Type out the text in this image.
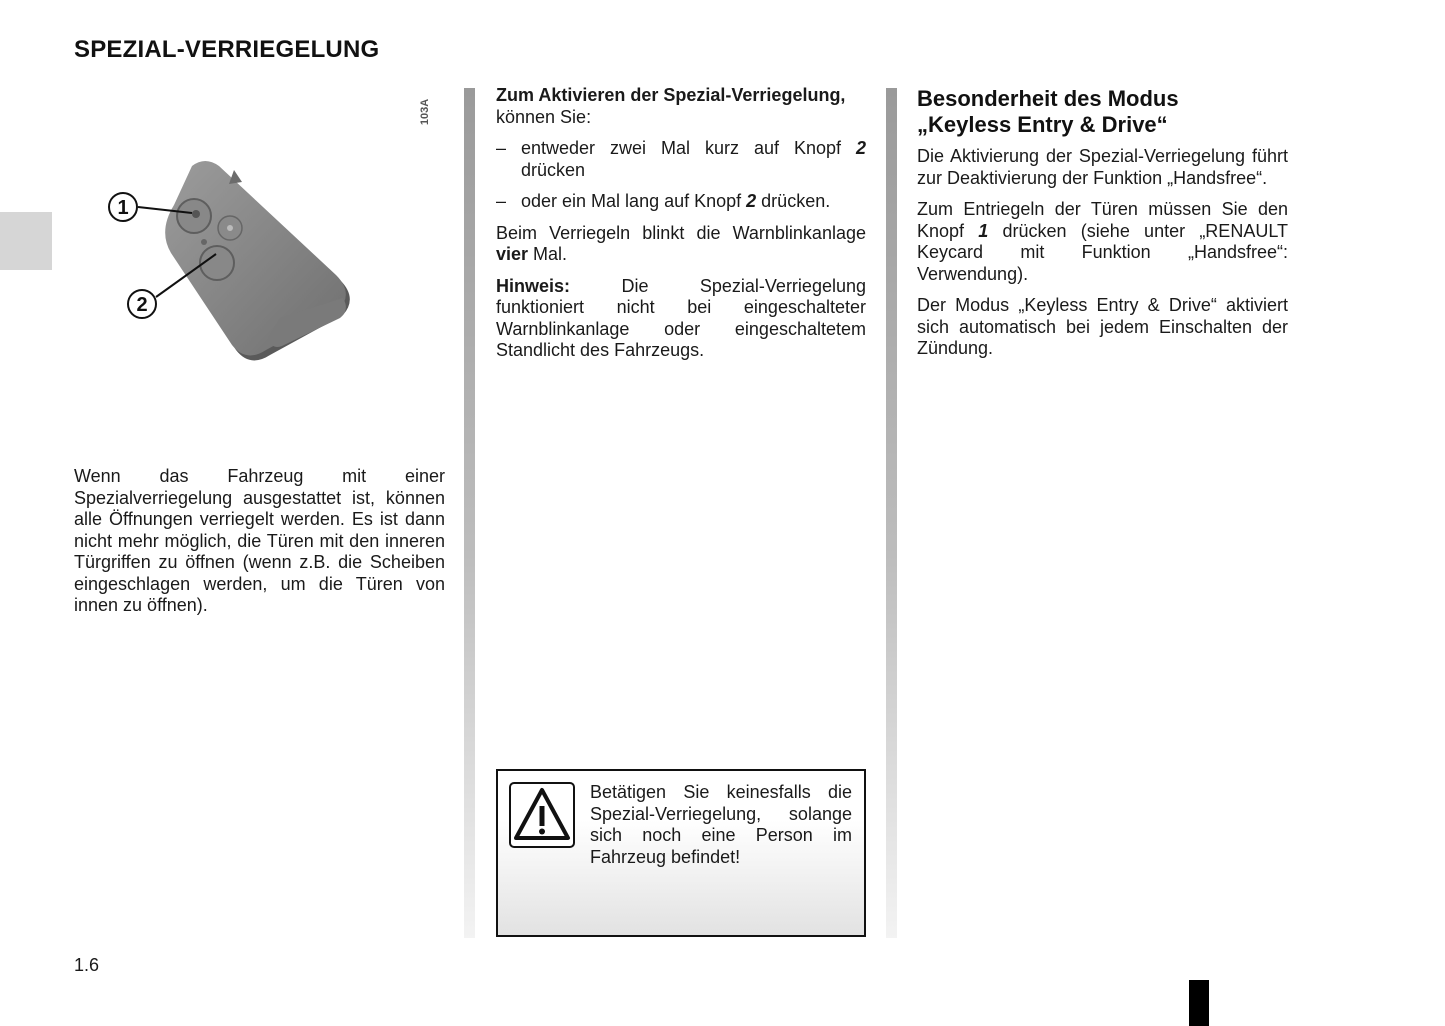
SPEZIAL-VERRIEGELUNG
103A
1
2

Wenn das Fahrzeug mit einer Spezialverriegelung ausgestattet ist, können alle Öffnungen verriegelt werden. Es ist dann nicht mehr möglich, die Türen mit den inneren Türgriffen zu öffnen (wenn z.B. die Scheiben eingeschlagen werden, um die Türen von innen zu öffnen).

Zum Aktivieren der Spezial-Verriegelung,
können Sie:

– entweder zwei Mal kurz auf Knopf 2 drücken

– oder ein Mal lang auf Knopf 2 drücken.

Beim Verriegeln blinkt die Warnblinkanlage vier Mal.

Hinweis: Die Spezial-Verriegelung funktioniert nicht bei eingeschalteter Warnblinkanlage oder eingeschaltetem Standlicht des Fahrzeugs.

Betätigen Sie keinesfalls die Spezial-Verriegelung, solange sich noch eine Person im Fahrzeug befindet!

Besonderheit des Modus
„Keyless Entry & Drive“

Die Aktivierung der Spezial-Verriegelung führt zur Deaktivierung der Funktion „Handsfree“.

Zum Entriegeln der Türen müssen Sie den Knopf 1 drücken (siehe unter „RENAULT Keycard mit Funktion „Handsfree“: Verwendung).

Der Modus „Keyless Entry & Drive“ aktiviert sich automatisch bei jedem Einschalten der Zündung.

1.6
